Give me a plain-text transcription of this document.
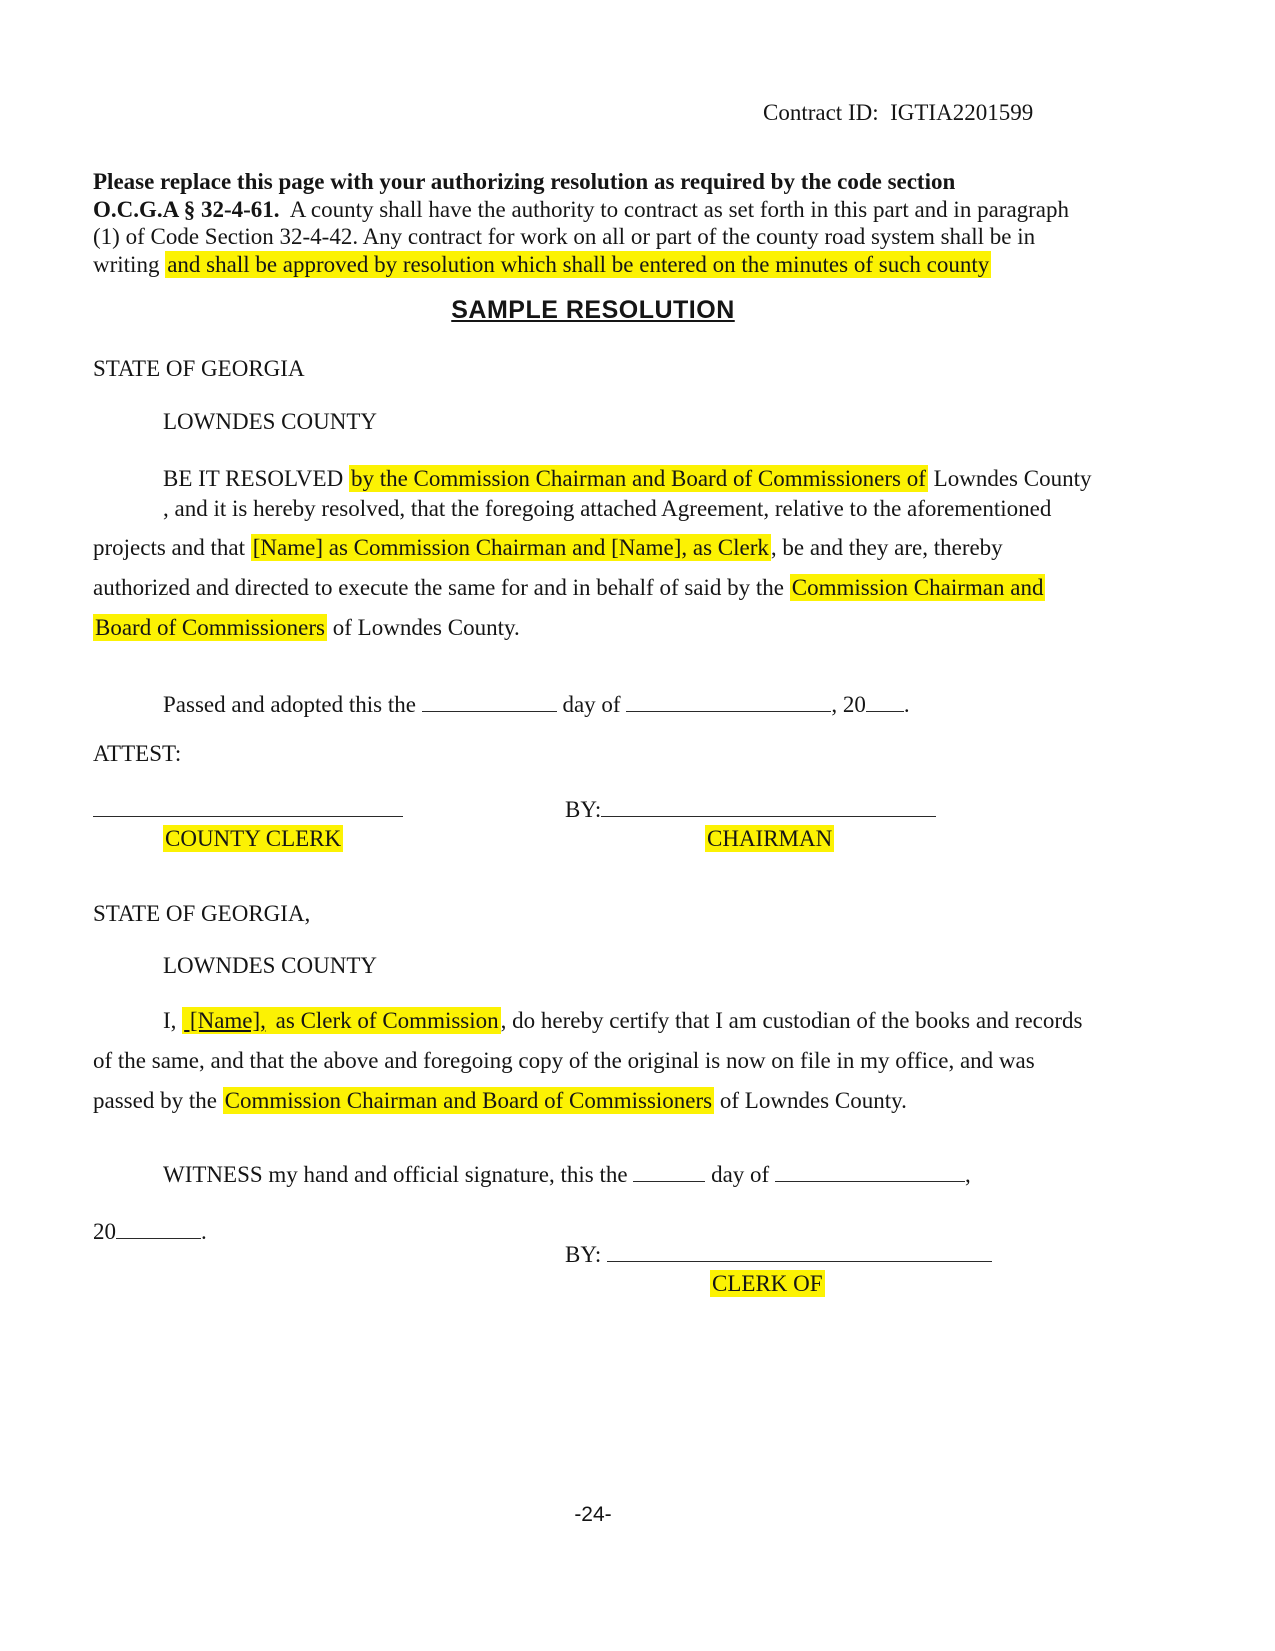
Contract ID:  IGTIA2201599
Please replace this page with your authorizing resolution as required by the code section
O.C.G.A § 32-4-61.  A county shall have the authority to contract as set forth in this part and in paragraph
(1) of Code Section 32-4-42. Any contract for work on all or part of the county road system shall be in
writing and shall be approved by resolution which shall be entered on the minutes of such county
SAMPLE RESOLUTION
STATE OF GEORGIA
LOWNDES COUNTY
BE IT RESOLVED by the Commission Chairman and Board of Commissioners of Lowndes County
, and it is hereby resolved, that the foregoing attached Agreement, relative to the aforementioned
projects and that [Name] as Commission Chairman and [Name], as Clerk, be and they are, thereby
authorized and directed to execute the same for and in behalf of said by the Commission Chairman and
Board of Commissioners of Lowndes County.
Passed and adopted this the	day of	, 20 .
ATTEST:
COUNTY CLERK
BY:
CHAIRMAN
STATE OF GEORGIA,
LOWNDES COUNTY
I,  [Name], as Clerk of Commission, do hereby certify that I am custodian of the books and records
of the same, and that the above and foregoing copy of the original is now on file in my office, and was
passed by the Commission Chairman and Board of Commissioners of Lowndes County.
WITNESS my hand and official signature, this the	day of	,
20	.
BY:
CLERK OF
-24-
